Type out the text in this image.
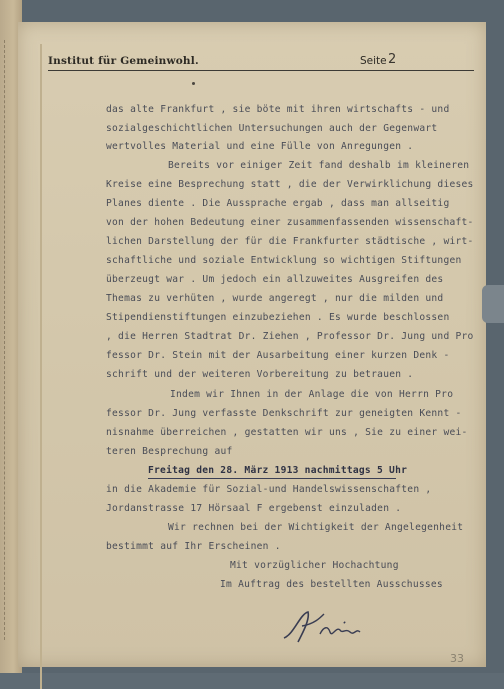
Institut für Gemeinwohl.	Seite 2
das alte Frankfurt , sie böte mit ihren wirtschafts - und
sozialgeschichtlichen Untersuchungen auch der Gegenwart
wertvolles Material und eine Fülle von Anregungen .
Bereits vor einiger Zeit fand deshalb im kleineren
Kreise eine Besprechung statt , die der Verwirklichung dieses
Planes diente . Die Aussprache ergab , dass man allseitig
von der hohen Bedeutung einer zusammenfassenden wissenschaft-
lichen Darstellung der für die Frankfurter städtische , wirt-
schaftliche und soziale Entwicklung so wichtigen Stiftungen
überzeugt war . Um jedoch ein allzuweites Ausgreifen des
Themas zu verhüten , wurde angeregt , nur die milden und
Stipendienstiftungen einzubeziehen . Es wurde beschlossen
, die Herren Stadtrat Dr. Ziehen , Professor Dr. Jung und Pro
fessor Dr. Stein mit der Ausarbeitung einer kurzen Denk -
schrift und der weiteren Vorbereitung zu betrauen .
Indem wir Ihnen in der Anlage die von Herrn Pro
fessor Dr. Jung verfasste Denkschrift zur geneigten Kennt -
nisnahme überreichen , gestatten wir uns , Sie zu einer wei-
teren Besprechung auf
Freitag den 28. März 1913 nachmittags 5 Uhr
in die Akademie für Sozial-und Handelswissenschaften ,
Jordanstrasse 17 Hörsaal F ergebenst einzuladen .
Wir rechnen bei der Wichtigkeit der Angelegenheit
bestimmt auf Ihr Erscheinen .
Mit vorzüglicher Hochachtung
Im Auftrag des bestellten Ausschusses
33
